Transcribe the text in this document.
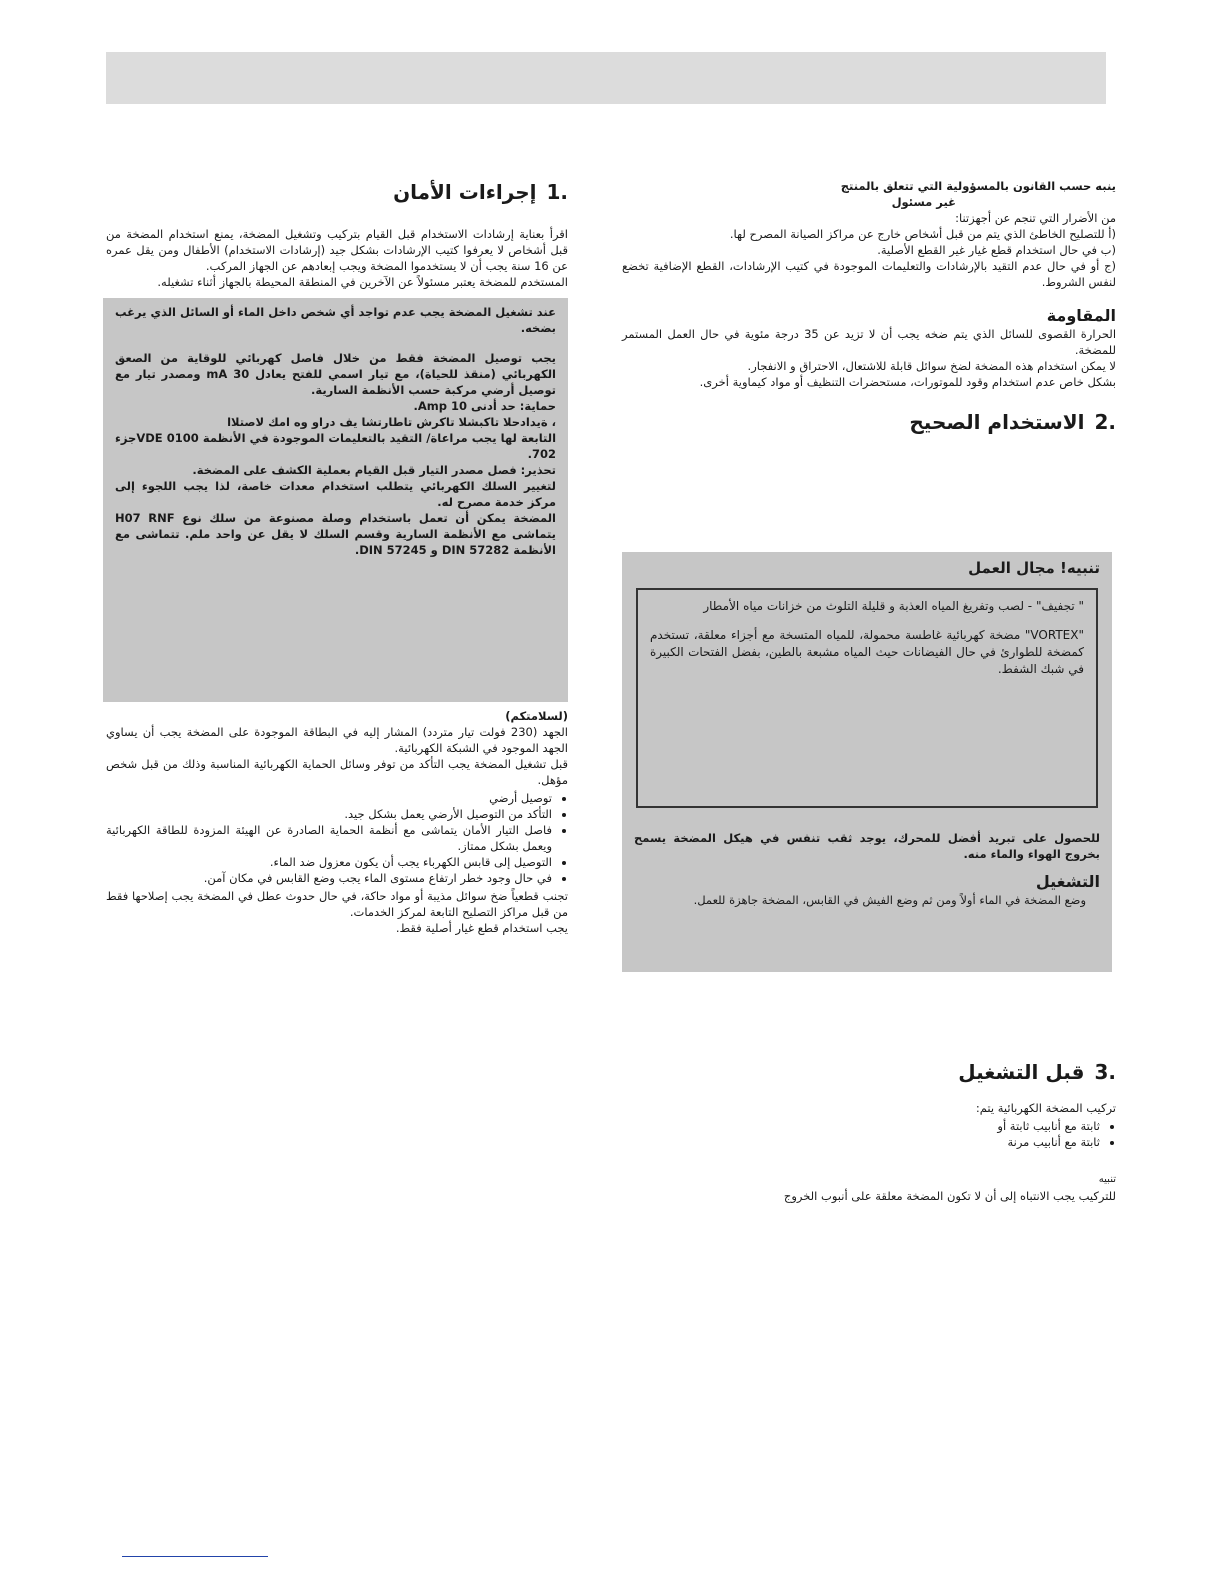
1.
إجراءات الأمان

اقرأ بعناية إرشادات الاستخدام قبل القيام بتركيب وتشغيل المضخة، يمنع استخدام المضخة من قبل أشخاص لا يعرفوا كتيب الإرشادات بشكل جيد (إرشادات الاستخدام) الأطفال ومن يقل عمره عن 16 سنة يجب أن لا يستخدموا المضخة ويجب إبعادهم عن الجهاز المركب.

المستخدم للمضخة يعتبر مسئولاً عن الآخرين في المنطقة المحيطة بالجهاز أثناء تشغيله.

عند تشغيل المضخة يجب عدم تواجد أي شخص داخل الماء أو السائل الذي يرغب بضخه.

يجب توصيل المضخة فقط من خلال فاصل كهربائي للوقاية من الصعق الكهربائي (منقذ للحياة)، مع تيار اسمي للفتح يعادل 30 mA ومصدر تيار مع توصيل أرضي مركبة حسب الأنظمة السارية.

حماية: حد أدنى 10 Amp.

، ةيدادحلا تاكبشلا تاكرش تاطارتشا يف دراو وه امك لاصتلاا

التابعة لها يجب مراعاة/ التقيد بالتعليمات الموجودة في الأنظمة VDE 0100جزء 702.

تحذير: فصل مصدر التيار قبل القيام بعملية الكشف على المضخة.

لتغيير السلك الكهربائي يتطلب استخدام معدات خاصة، لذا يجب اللجوء إلى مركز خدمة مصرح له.

المضخة يمكن أن تعمل باستخدام وصلة مصنوعة من سلك نوع H07 RNF يتماشى مع الأنظمة السارية وقسم السلك لا يقل عن واحد ملم. تتماشى مع الأنظمة DIN 57282 و DIN 57245.

(لسلامتكم)

الجهد (230 فولت تيار متردد) المشار إليه في البطاقة الموجودة على المضخة يجب أن يساوي الجهد الموجود في الشبكة الكهربائية.

قبل تشغيل المضخة يجب التأكد من توفر وسائل الحماية الكهربائية المناسبة وذلك من قبل شخص مؤهل.

• توصيل أرضي
• التأكد من التوصيل الأرضي يعمل بشكل جيد.
• فاصل التيار الأمان يتماشى مع أنظمة الحماية الصادرة عن الهيئة المزودة للطاقة الكهربائية ويعمل بشكل ممتاز.
• التوصيل إلى قابس الكهرباء يجب أن يكون معزول ضد الماء.
• في حال وجود خطر ارتفاع مستوى الماء يجب وضع القابس في مكان آمن.

تجنب قطعياً ضخ سوائل مذيبة أو مواد حاكة، في حال حدوث عطل في المضخة يجب إصلاحها فقط من قبل مراكز التصليح التابعة لمركز الخدمات.

يجب استخدام قطع غيار أصلية فقط.

ينبه حسب القانون بالمسؤولية التي تتعلق بالمنتج

غير مسئول

من الأضرار التي تنجم عن أجهزتنا:

(أ للتصليح الخاطئ الذي يتم من قبل أشخاص خارج عن مراكز الصيانة المصرح لها.

(ب في حال استخدام قطع غيار غير القطع الأصلية.

(ج أو في حال عدم التقيد بالإرشادات والتعليمات الموجودة في كتيب الإرشادات، القطع الإضافية تخضع لنفس الشروط.

المقاومة

الحرارة القصوى للسائل الذي يتم ضخه يجب أن لا تزيد عن 35 درجة مئوية في حال العمل المستمر للمضخة.

لا يمكن استخدام هذه المضخة لضخ سوائل قابلة للاشتعال، الاحتراق و الانفجار.

بشكل خاص عدم استخدام وقود للموتورات، مستحضرات التنظيف أو مواد كيماوية أخرى.

2.
الاستخدام الصحيح
تنبيه! مجال العمل

" تجفيف" - لصب وتفريغ المياه العذبة و قليلة التلوث من خزانات مياه الأمطار

"VORTEX" مضخة كهربائية غاطسة محمولة، للمياه المتسخة مع أجزاء معلقة، تستخدم كمضخة للطوارئ في حال الفيضانات حيث المياه مشبعة بالطين، بفضل الفتحات الكبيرة في شبك الشفط.

للحصول على تبريد أفضل للمحرك، يوجد ثقب تنفس في هيكل المضخة يسمح بخروج الهواء والماء منه.

التشغيل

وضع المضخة في الماء أولاً ومن ثم وضع الفيش في القابس، المضخة جاهزة للعمل.

3.
قبل التشغيل

تركيب المضخة الكهربائية يتم:

• ثابتة مع أنابيب ثابتة أو
• ثابتة مع أنابيب مرنة

تنبيه

للتركيب يجب الانتباه إلى أن لا تكون المضخة معلقة على أنبوب الخروج
